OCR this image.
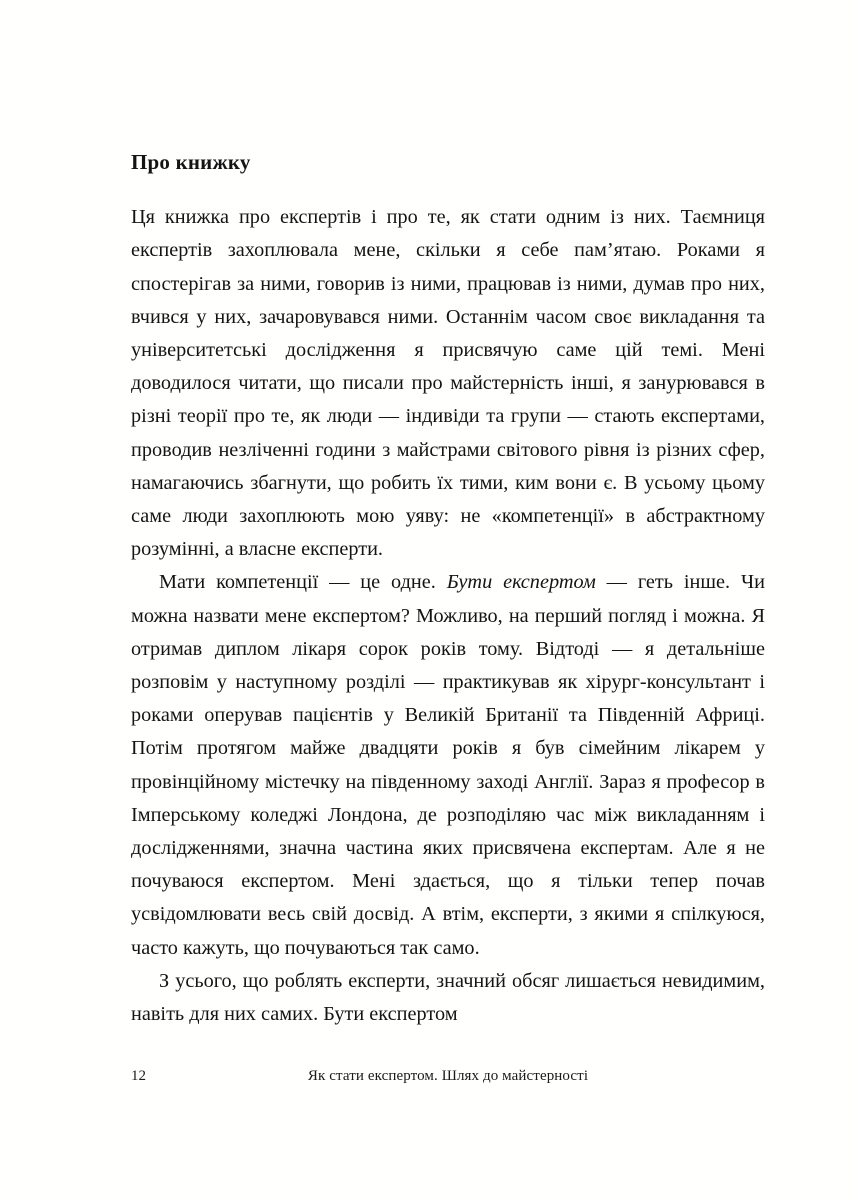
Про книжку

Ця книжка про експертів і про те, як стати одним із них. Таємниця експертів захоплювала мене, скільки я себе пам’ятаю. Роками я спостерігав за ними, говорив із ними, працював із ними, думав про них, вчився у них, зачаровувався ними. Останнім часом своє викладання та університетські дослідження я присвячую саме цій темі. Мені доводилося читати, що писали про майстерність інші, я занурювався в різні теорії про те, як люди — індивіди та групи — стають експертами, проводив незліченні години з майстрами світового рівня із різних сфер, намагаючись збагнути, що робить їх тими, ким вони є. В усьому цьому саме люди захоплюють мою уяву: не «компетенції» в абстрактному розумінні, а власне експерти.

Мати компетенції — це одне. Бути експертом — геть інше. Чи можна назвати мене експертом? Можливо, на перший погляд і можна. Я отримав диплом лікаря сорок років тому. Відтоді — я детальніше розповім у наступному розділі — практикував як хірург-консультант і роками оперував пацієнтів у Великій Британії та Південній Африці. Потім протягом майже двадцяти років я був сімейним лікарем у провінційному містечку на південному заході Англії. Зараз я професор в Імперському коледжі Лондона, де розподіляю час між викладанням і дослідженнями, значна частина яких присвячена експертам. Але я не почуваюся експертом. Мені здається, що я тільки тепер почав усвідомлювати весь свій досвід. А втім, експерти, з якими я спілкуюся, часто кажуть, що почуваються так само.

З усього, що роблять експерти, значний обсяг лишається невидимим, навіть для них самих. Бути експертом

12	Як стати експертом. Шлях до майстерності
